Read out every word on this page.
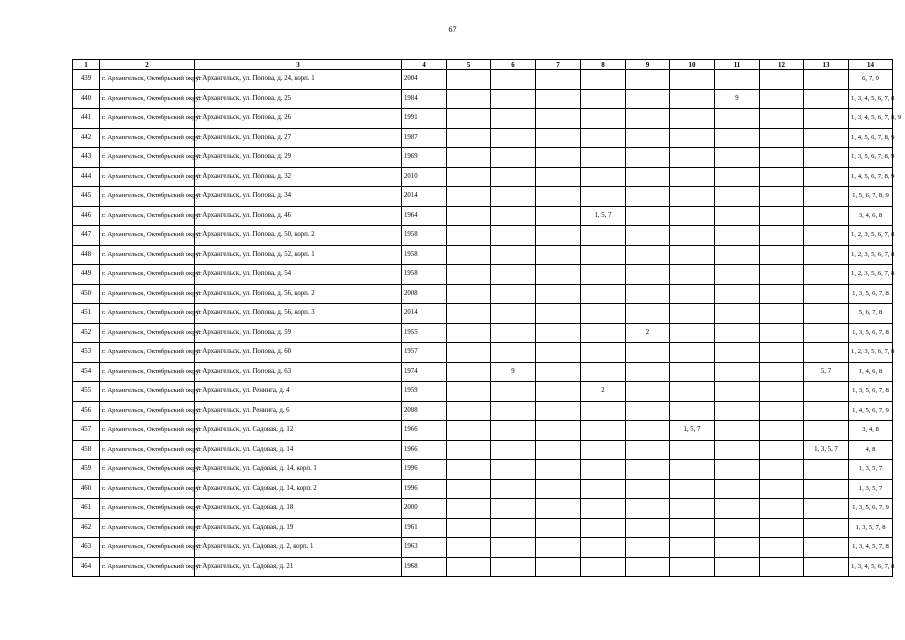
67
1	2	3	4	5	6	7	8	9	10	11	12	13	14
439	г. Архангельск, Октябрьский округ	г. Архангельск, ул. Попова, д. 24, корп. 1	2004										6, 7, 9
440	г. Архангельск, Октябрьский округ	г. Архангельск, ул. Попова, д. 25	1984							9			1, 3, 4, 5, 6, 7, 8
441	г. Архангельск, Октябрьский округ	г. Архангельск, ул. Попова, д. 26	1991										1, 3, 4, 5, 6, 7, 8, 9
442	г. Архангельск, Октябрьский округ	г. Архангельск, ул. Попова, д. 27	1987										1, 4, 5, 6, 7, 8, 9
443	г. Архангельск, Октябрьский округ	г. Архангельск, ул. Попова, д. 29	1969										1, 3, 5, 6, 7, 8, 9
444	г. Архангельск, Октябрьский округ	г. Архангельск, ул. Попова, д. 32	2010										1, 4, 5, 6, 7, 8, 9
445	г. Архангельск, Октябрьский округ	г. Архангельск, ул. Попова, д. 34	2014										1, 5, 6, 7, 8, 9
446	г. Архангельск, Октябрьский округ	г. Архангельск, ул. Попова, д. 46	1964				1, 5, 7						3, 4, 6, 8
447	г. Архангельск, Октябрьский округ	г. Архангельск, ул. Попова, д. 50, корп. 2	1958										1, 2, 3, 5, 6, 7, 8
448	г. Архангельск, Октябрьский округ	г. Архангельск, ул. Попова, д. 52, корп. 1	1958										1, 2, 3, 5, 6, 7, 8
449	г. Архангельск, Октябрьский округ	г. Архангельск, ул. Попова, д. 54	1958										1, 2, 3, 5, 6, 7, 8
450	г. Архангельск, Октябрьский округ	г. Архангельск, ул. Попова, д. 56, корп. 2	2008										1, 3, 5, 6, 7, 8
451	г. Архангельск, Октябрьский округ	г. Архангельск, ул. Попова, д. 56, корп. 3	2014										5, 6, 7, 8
452	г. Архангельск, Октябрьский округ	г. Архангельск, ул. Попова, д. 59	1955					2					1, 3, 5, 6, 7, 8
453	г. Архангельск, Октябрьский округ	г. Архангельск, ул. Попова, д. 60	1957										1, 2, 3, 5, 6, 7, 8
454	г. Архангельск, Октябрьский округ	г. Архангельск, ул. Попова, д. 63	1974		9							5, 7	1, 4, 6, 8
455	г. Архангельск, Октябрьский округ	г. Архангельск, ул. Рениига, д. 4	1959				2						1, 3, 5, 6, 7, 8
456	г. Архангельск, Октябрьский округ	г. Архангельск, ул. Рениига, д. 6	2008										1, 4, 5, 6, 7, 9
457	г. Архангельск, Октябрьский округ	г. Архангельск, ул. Садовая, д. 12	1966						1, 5, 7				3, 4, 8
458	г. Архангельск, Октябрьский округ	г. Архангельск, ул. Садовая, д. 14	1966									1, 3, 5, 7	4, 8
459	г. Архангельск, Октябрьский округ	г. Архангельск, ул. Садовая, д. 14, корп. 1	1996										1, 3, 5, 7
460	г. Архангельск, Октябрьский округ	г. Архангельск, ул. Садовая, д. 14, корп. 2	1996										1, 3, 5, 7
461	г. Архангельск, Октябрьский округ	г. Архангельск, ул. Садовая, д. 18	2000										1, 3, 5, 6, 7, 9
462	г. Архангельск, Октябрьский округ	г. Архангельск, ул. Садовая, д. 19	1961										1, 3, 5, 7, 8
463	г. Архангельск, Октябрьский округ	г. Архангельск, ул. Садовая, д. 2, корп. 1	1963										1, 3, 4, 5, 7, 8
464	г. Архангельск, Октябрьский округ	г. Архангельск, ул. Садовая, д. 21	1968										1, 3, 4, 5, 6, 7, 8
